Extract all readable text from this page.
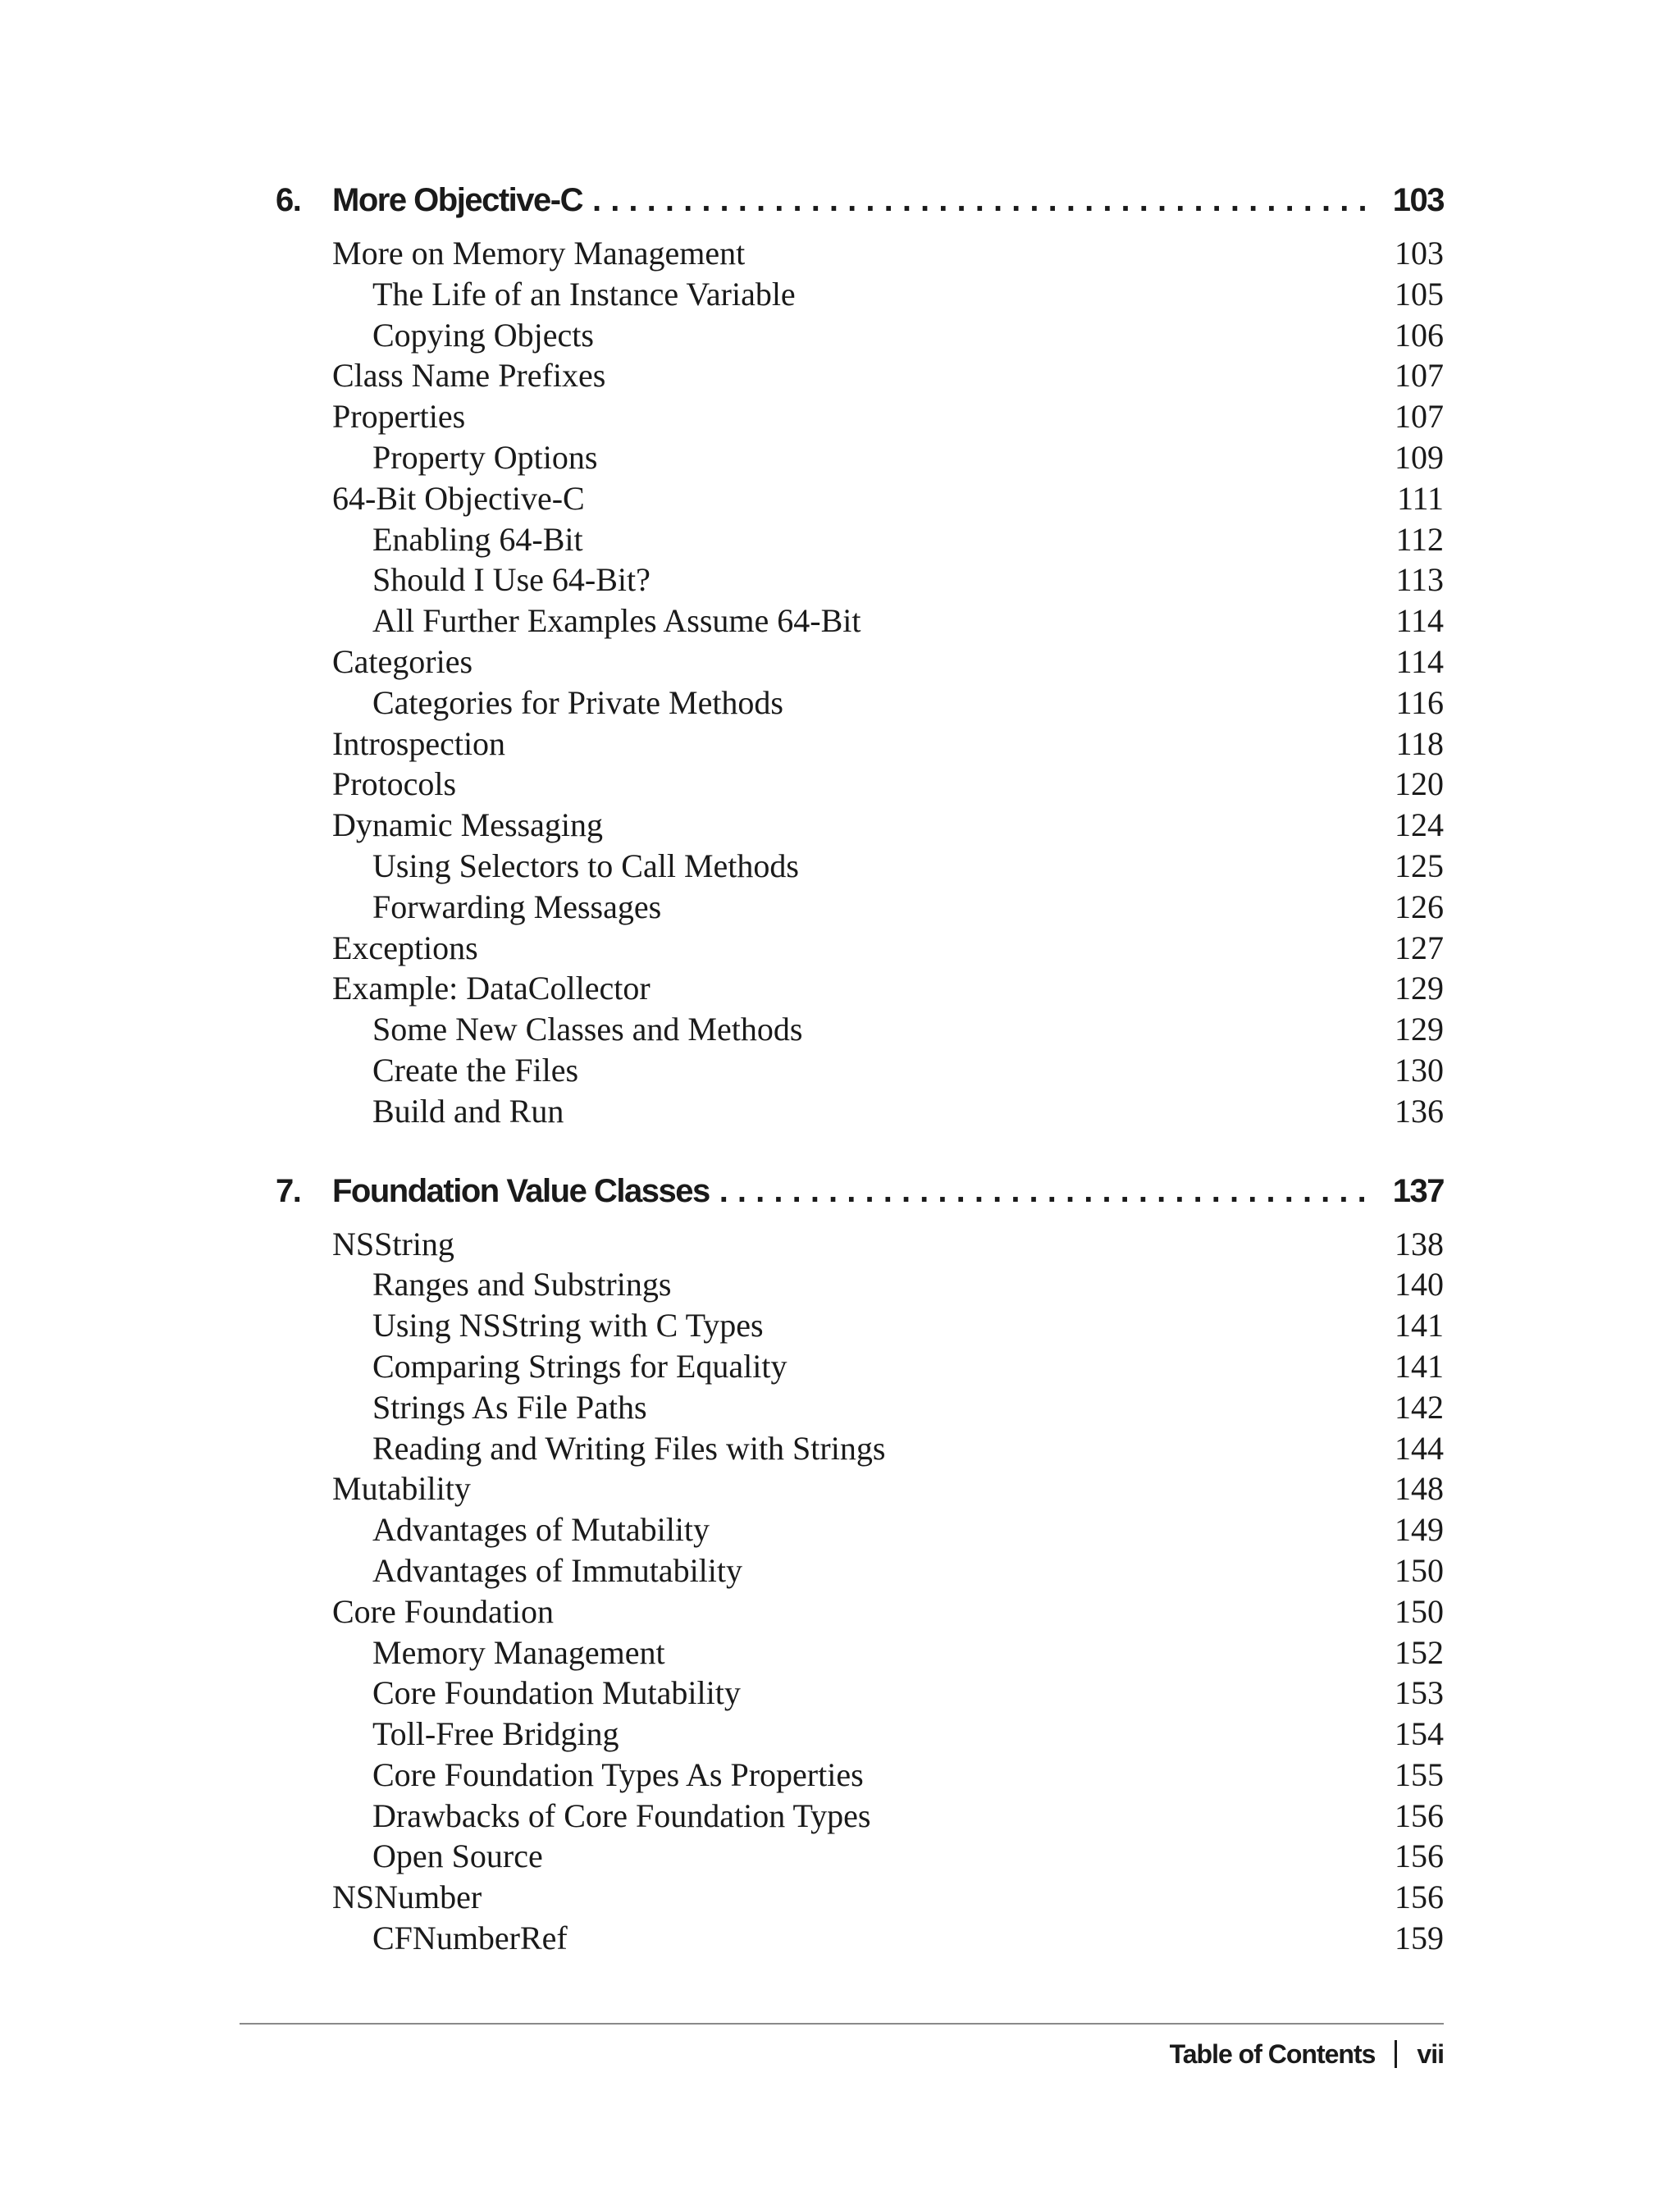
6. More Objective-C . . .	103
More on Memory Management	103
The Life of an Instance Variable	105
Copying Objects	106
Class Name Prefixes	107
Properties	107
Property Options	109
64-Bit Objective-C	111
Enabling 64-Bit	112
Should I Use 64-Bit?	113
All Further Examples Assume 64-Bit	114
Categories	114
Categories for Private Methods	116
Introspection	118
Protocols	120
Dynamic Messaging	124
Using Selectors to Call Methods	125
Forwarding Messages	126
Exceptions	127
Example: DataCollector	129
Some New Classes and Methods	129
Create the Files	130
Build and Run	136
7. Foundation Value Classes . . .	137
NSString	138
Ranges and Substrings	140
Using NSString with C Types	141
Comparing Strings for Equality	141
Strings As File Paths	142
Reading and Writing Files with Strings	144
Mutability	148
Advantages of Mutability	149
Advantages of Immutability	150
Core Foundation	150
Memory Management	152
Core Foundation Mutability	153
Toll-Free Bridging	154
Core Foundation Types As Properties	155
Drawbacks of Core Foundation Types	156
Open Source	156
NSNumber	156
CFNumberRef	159
Table of Contents vii
